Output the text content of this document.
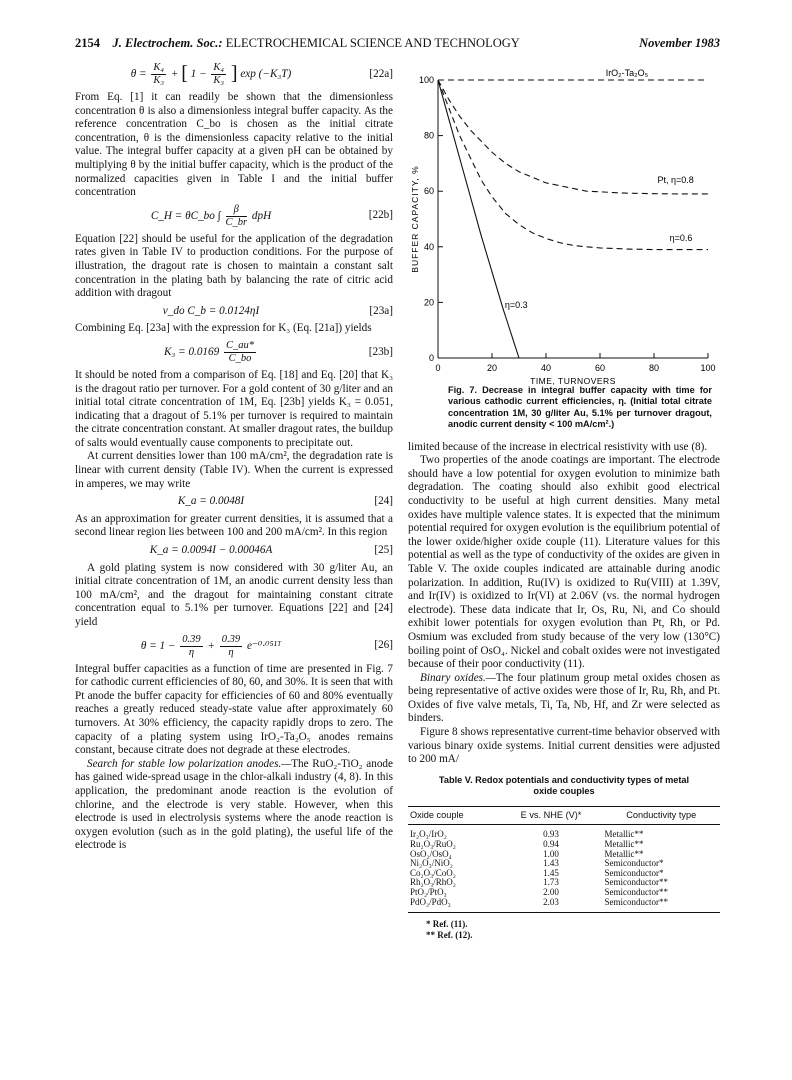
2154 J. Electrochem. Soc.: ELECTROCHEMICAL SCIENCE AND TECHNOLOGY	November 1983
$\theta = \frac{\text{K₄}}{\text{K₃}}$ + [ $1 - \frac{\text{K₄}}{\text{K₃}}$ ] exp (−K₃T)	[22a]

From Eq. [1] it can readily be shown that the dimensionless concentration θ is also a dimensionless integral buffer capacity. As the reference concentration C_bo is chosen as the initial citrate concentration, θ is the dimensionless capacity relative to the initial value. The integral buffer capacity at a given pH can be obtained by multiplying θ by the initial buffer capacity, which is the product of the normalized capacities given in Table I and the initial buffer concentration

C_H = θC_bo ∫ $\frac{\beta}{C\_br}$ dpH	[22b]

Equation [22] should be useful for the application of the degradation rates given in Table IV to production conditions. For the purpose of illustration, the dragout rate is chosen to maintain a constant salt concentration in the plating bath by balancing the rate of citric acid addition with dragout

v_do C_b = 0.0124ηI	[23a]

Combining Eq. [23a] with the expression for K₃ (Eq. [21a]) yields

$K_3 = 0.0169 \frac{C\_au*}{C\_bo}$	[23b]

It should be noted from a comparison of Eq. [18] and Eq. [20] that K₃ is the dragout ratio per turnover. For a gold content of 30 g/liter and an initial total citrate concentration of 1M, Eq. [23b] yields K₃ = 0.051, indicating that a dragout of 5.1% per turnover is required to maintain the citrate concentration constant. At smaller dragout rates, the buildup of salts would eventually cause components to precipitate out.

At current densities lower than 100 mA/cm², the degradation rate is linear with current density (Table IV). When the current is expressed in amperes, we may write

K_a = 0.0048I	[24]

As an approximation for greater current densities, it is assumed that a second linear region lies between 100 and 200 mA/cm². In this region

K_a = 0.0094I − 0.00046A	[25]

A gold plating system is now considered with 30 g/liter Au, an initial citrate concentration of 1M, an anodic current density less than 100 mA/cm², and the dragout for maintaining constant citrate concentration equal to 5.1% per turnover. Equations [22] and [24] yield

$\theta = 1 - \frac{0.39}{\eta} + \frac{0.39}{\eta}$ e⁻⁰·⁰⁵¹ᵀ	[26]

Integral buffer capacities as a function of time are presented in Fig. 7 for cathodic current efficiencies of 80, 60, and 30%. It is seen that with Pt anode the buffer capacity for efficiencies of 60 and 80% eventually reaches a greatly reduced steady-state value after approximately 60 turnovers. At 30% efficiency, the capacity rapidly drops to zero. The capacity of a plating system using IrO₂-Ta₂O₅ anodes remains constant, because citrate does not degrade at these electrodes.

Search for stable low polarization anodes.—The RuO₂-TiO₂ anode has gained wide-spread usage in the chlor-alkali industry (4, 8). In this application, the predominant anode reaction is the evolution of chlorine, and the electrode is very stable. However, when this electrode is used in electrolysis systems where the anode reaction is oxygen evolution (such as in the gold plating), the useful life of the electrode is

0	20	40	60	80	100
0
20
40
60
80
100
TIME, TURNOVERS
BUFFER CAPACITY, %
IrO₂-Ta₂O₅
Pt, η=0.8
η=0.6
η=0.3
Fig. 7. Decrease in integral buffer capacity with time for various cathodic current efficiencies, η. (Initial total citrate concentration 1M, 30 g/liter Au, 5.1% per turnover dragout, anodic current density < 100 mA/cm².)

limited because of the increase in electrical resistivity with use (8).

Two properties of the anode coatings are important. The electrode should have a low potential for oxygen evolution to minimize bath degradation. The coating should also exhibit good electrical conductivity to be useful at high current densities. Many metal oxides have multiple valence states. It is expected that the minimum potential required for oxygen evolution is the equilibrium potential of the lower oxide/higher oxide couple (11). Literature values for this potential as well as the type of conductivity of the oxides are given in Table V. The oxide couples indicated are attainable during anodic polarization. In addition, Ru(IV) is oxidized to Ru(VIII) at 1.39V, and Ir(IV) is oxidized to Ir(VI) at 2.06V (vs. the normal hydrogen electrode). These data indicate that Ir, Os, Ru, Ni, and Co should exhibit lower potentials for oxygen evolution than Pt, Rh, or Pd. Osmium was excluded from study because of the very low (130°C) boiling point of OsO₄. Nickel and cobalt oxides were not investigated because of their poor conductivity (11).

Binary oxides.—The four platinum group metal oxides chosen as being representative of active oxides were those of Ir, Ru, Rh, and Pt. Oxides of five valve metals, Ti, Ta, Nb, Hf, and Zr were selected as binders.

Figure 8 shows representative current-time behavior observed with various binary oxide systems. Initial current densities were adjusted to 200 mA/

Table V. Redox potentials and conductivity types of metal oxide couples
Oxide couple	E vs. NHE (V)*	Conductivity type
Ir₂O₃/IrO₂	0.93	Metallic**
Ru₂O₃/RuO₂	0.94	Metallic**
OsO₂/OsO₄	1.00	Metallic**
Ni₂O₃/NiO₂	1.43	Semiconductor*
Co₂O₃/CoO₂	1.45	Semiconductor*
Rh₂O₃/RhO₂	1.73	Semiconductor**
PtO₂/PtO₃	2.00	Semiconductor**
PdO₂/PdO₃	2.03	Semiconductor**
* Ref. (11).
** Ref. (12).
